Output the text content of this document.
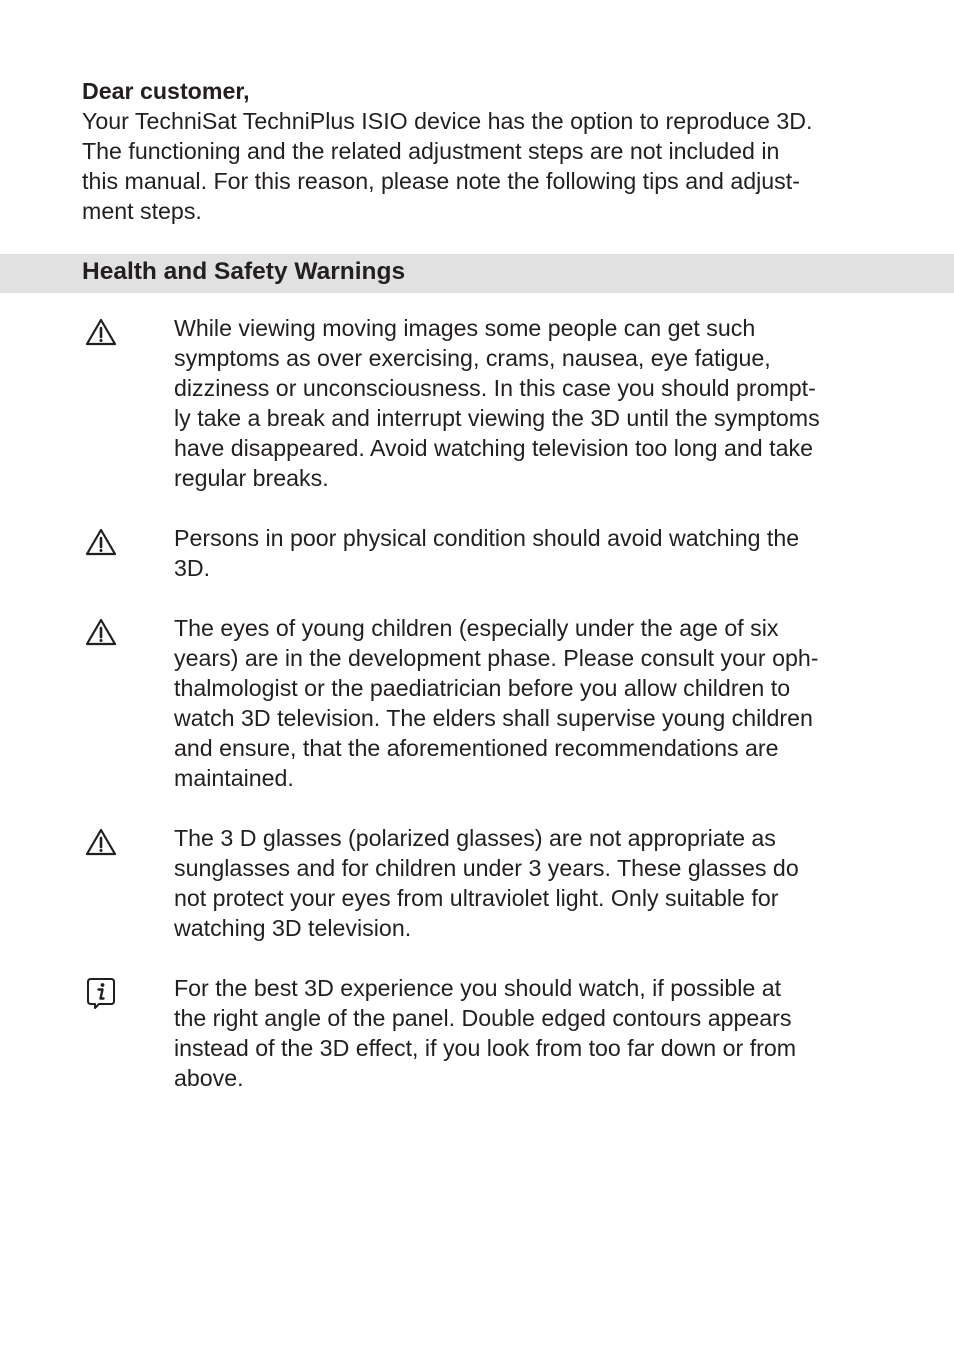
Dear customer,
Your TechniSat TechniPlus ISIO device has the option to reproduce 3D.
The functioning and the related adjustment steps are not included in
this manual. For this reason, please note the following tips and adjust-
ment steps.
Health and Safety Warnings
While viewing moving images some people can get such
symptoms as over exercising, crams, nausea, eye fatigue,
dizziness or unconsciousness. In this case you should prompt-
ly take a break and interrupt viewing the 3D until the symptoms
have disappeared. Avoid watching television too long and take
regular breaks.
Persons in poor physical condition should avoid watching the
3D.
The eyes of young children (especially under the age of six
years) are in the development phase. Please consult your oph-
thalmologist or the paediatrician before you allow children to
watch 3D television. The elders shall supervise young children
and ensure, that the aforementioned recommendations are
maintained.
The 3 D glasses (polarized glasses) are not appropriate as
sunglasses and for children under 3 years. These glasses do
not protect your eyes from ultraviolet light. Only suitable for
watching 3D television.
For the best 3D experience you should watch, if possible at
the right angle of the panel. Double edged contours appears
instead of the 3D effect, if you look from too far down or from
above.
